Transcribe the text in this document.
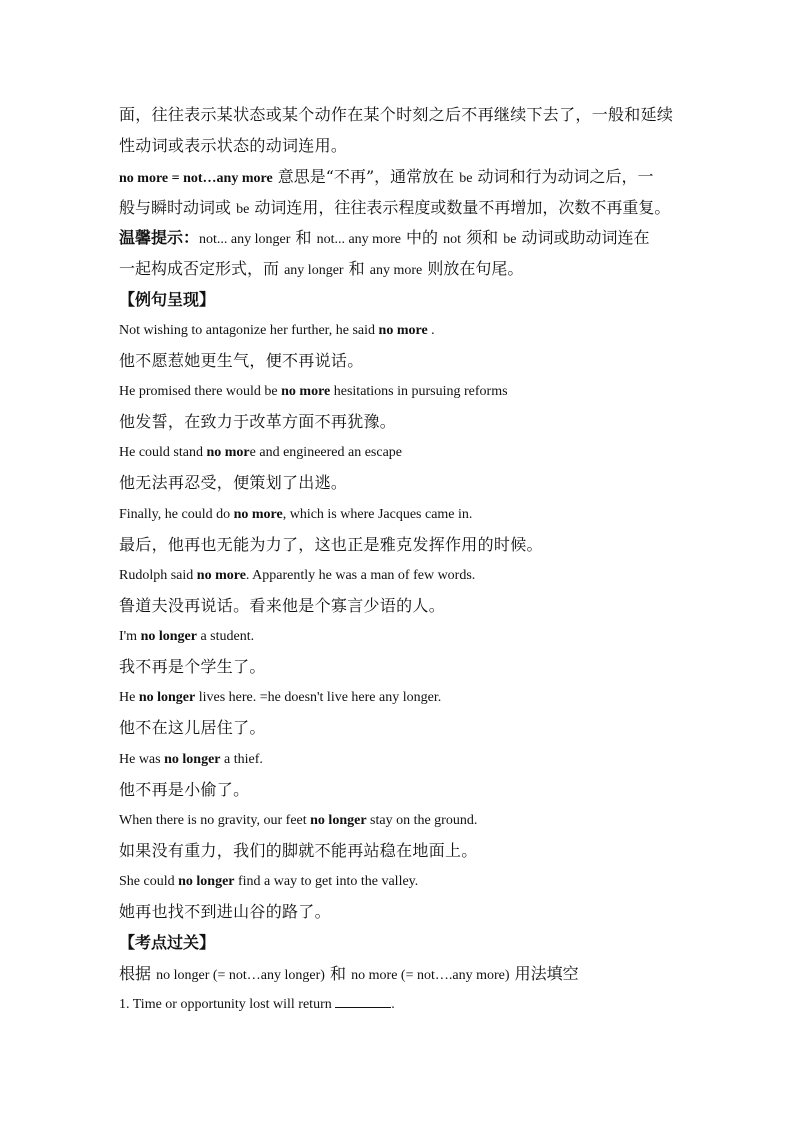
面，往往表示某状态或某个动作在某个时刻之后不再继续下去了，一般和延续
性动词或表示状态的动词连用。
no more = not…any more 意思是“不再”，通常放在 be 动词和行为动词之后，一
般与瞬时动词或 be 动词连用，往往表示程度或数量不再增加，次数不再重复。
温馨提示：not... any longer 和 not... any more 中的 not 须和 be 动词或助动词连在
一起构成否定形式，而 any longer 和 any more 则放在句尾。
【例句呈现】
Not wishing to antagonize her further, he said no more .
他不愿惹她更生气，便不再说话。
He promised there would be no more hesitations in pursuing reforms
他发誓，在致力于改革方面不再犹豫。
He could stand no more and engineered an escape
他无法再忍受，便策划了出逃。
Finally, he could do no more, which is where Jacques came in.
最后，他再也无能为力了，这也正是雅克发挥作用的时候。
Rudolph said no more. Apparently he was a man of few words.
鲁道夫没再说话。看来他是个寡言少语的人。
I'm no longer a student.
我不再是个学生了。
He no longer lives here. =he doesn't live here any longer.
他不在这儿居住了。
He was no longer a thief.
他不再是小偷了。
When there is no gravity, our feet no longer stay on the ground.
如果没有重力，我们的脚就不能再站稳在地面上。
She could no longer find a way to get into the valley.
她再也找不到进山谷的路了。
【考点过关】
根据 no longer (= not…any longer) 和 no more (= not….any more) 用法填空
1. Time or opportunity lost will return	.
